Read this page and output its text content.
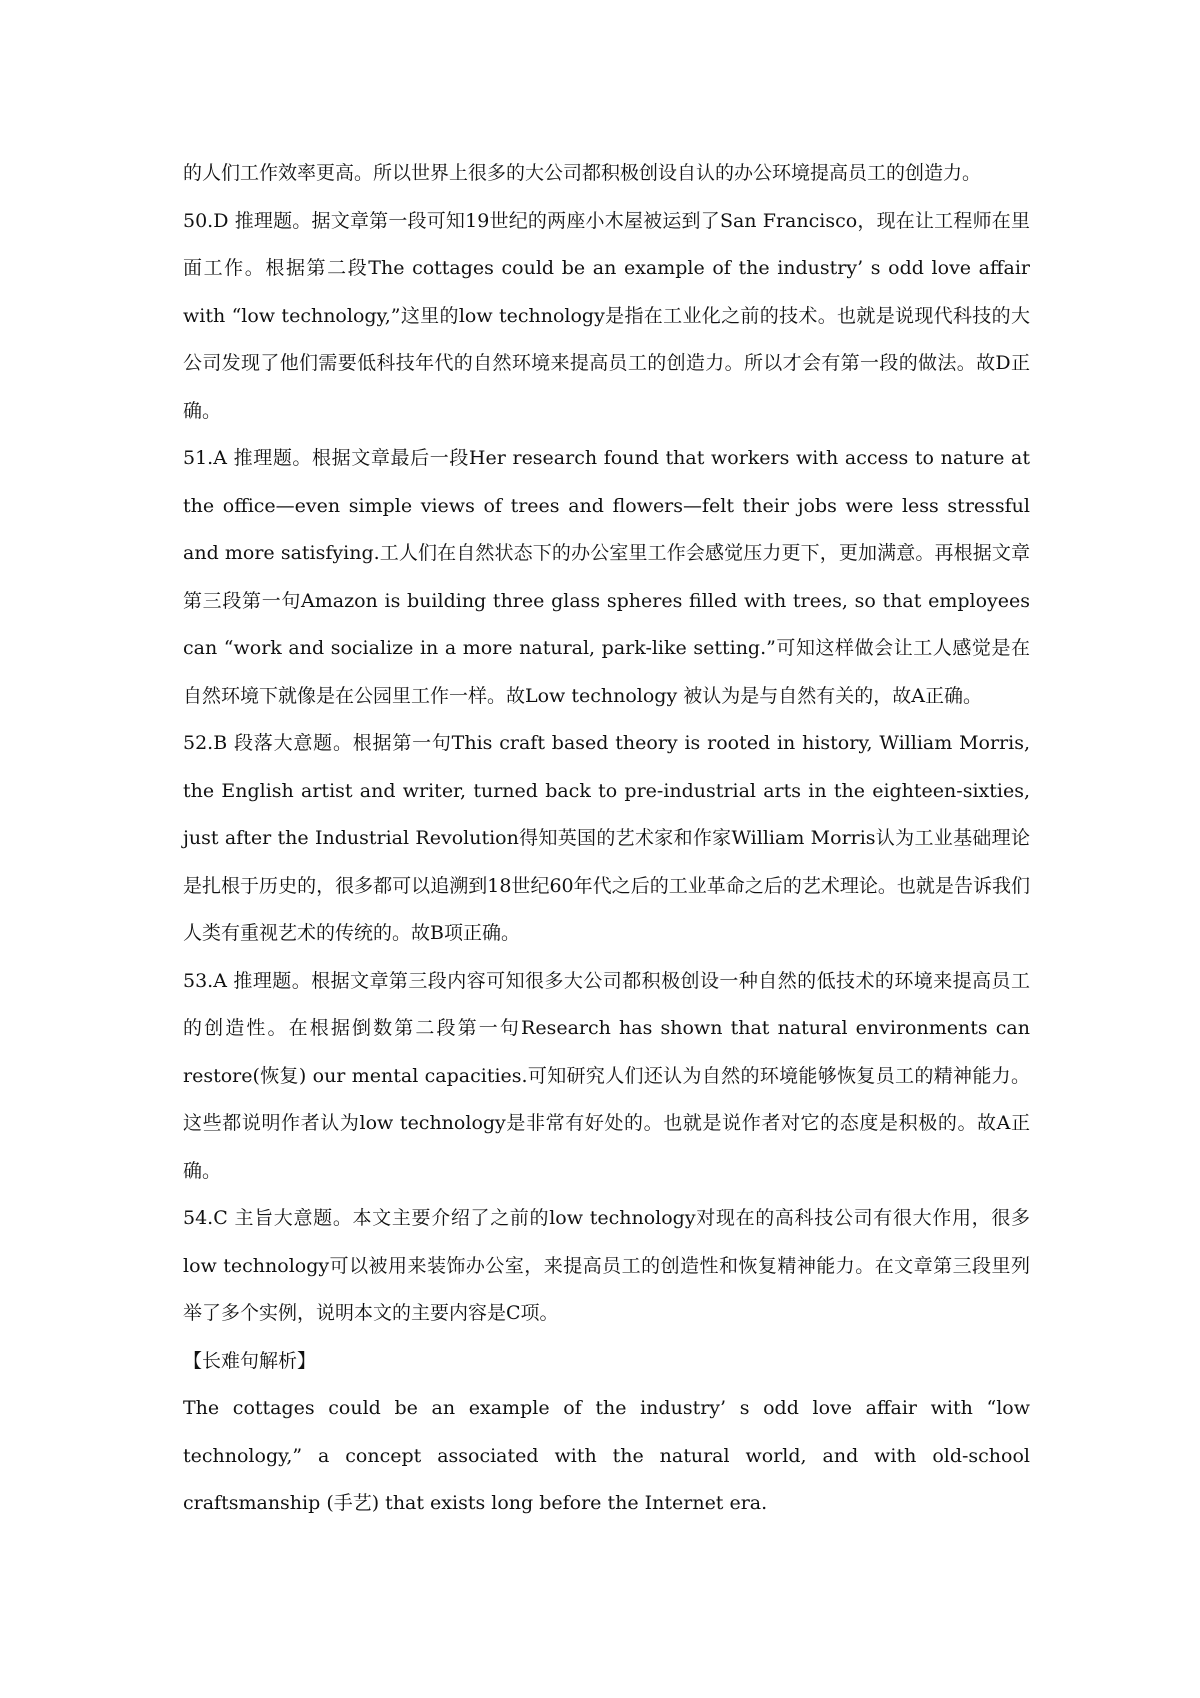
的人们工作效率更高。所以世界上很多的大公司都积极创设自认的办公环境提高员工的创造力。

50.D 推理题。据文章第一段可知19世纪的两座小木屋被运到了San Francisco，现在让工程师在里面工作。根据第二段The cottages could be an example of the industry’ s odd love affair with “low technology,”这里的low technology是指在工业化之前的技术。也就是说现代科技的大公司发现了他们需要低科技年代的自然环境来提高员工的创造力。所以才会有第一段的做法。故D正确。

51.A 推理题。根据文章最后一段Her research found that workers with access to nature at the office—even simple views of trees and flowers—felt their jobs were less stressful and more satisfying.工人们在自然状态下的办公室里工作会感觉压力更下，更加满意。再根据文章第三段第一句Amazon is building three glass spheres filled with trees, so that employees can “work and socialize in a more natural, park-like setting.”可知这样做会让工人感觉是在自然环境下就像是在公园里工作一样。故Low technology 被认为是与自然有关的，故A正确。

52.B 段落大意题。根据第一句This craft based theory is rooted in history, William Morris, the English artist and writer, turned back to pre-industrial arts in the eighteen-sixties, just after the Industrial Revolution得知英国的艺术家和作家William Morris认为工业基础理论是扎根于历史的，很多都可以追溯到18世纪60年代之后的工业革命之后的艺术理论。也就是告诉我们人类有重视艺术的传统的。故B项正确。

53.A 推理题。根据文章第三段内容可知很多大公司都积极创设一种自然的低技术的环境来提高员工的创造性。在根据倒数第二段第一句Research has shown that natural environments can restore(恢复) our mental capacities.可知研究人们还认为自然的环境能够恢复员工的精神能力。这些都说明作者认为low technology是非常有好处的。也就是说作者对它的态度是积极的。故A正确。

54.C 主旨大意题。本文主要介绍了之前的low technology对现在的高科技公司有很大作用，很多low technology可以被用来装饰办公室，来提高员工的创造性和恢复精神能力。在文章第三段里列举了多个实例，说明本文的主要内容是C项。

【长难句解析】

The cottages could be an example of the industry’ s odd love affair with “low technology,” a concept associated with the natural world, and with old-school craftsmanship (手艺) that exists long before the Internet era.
